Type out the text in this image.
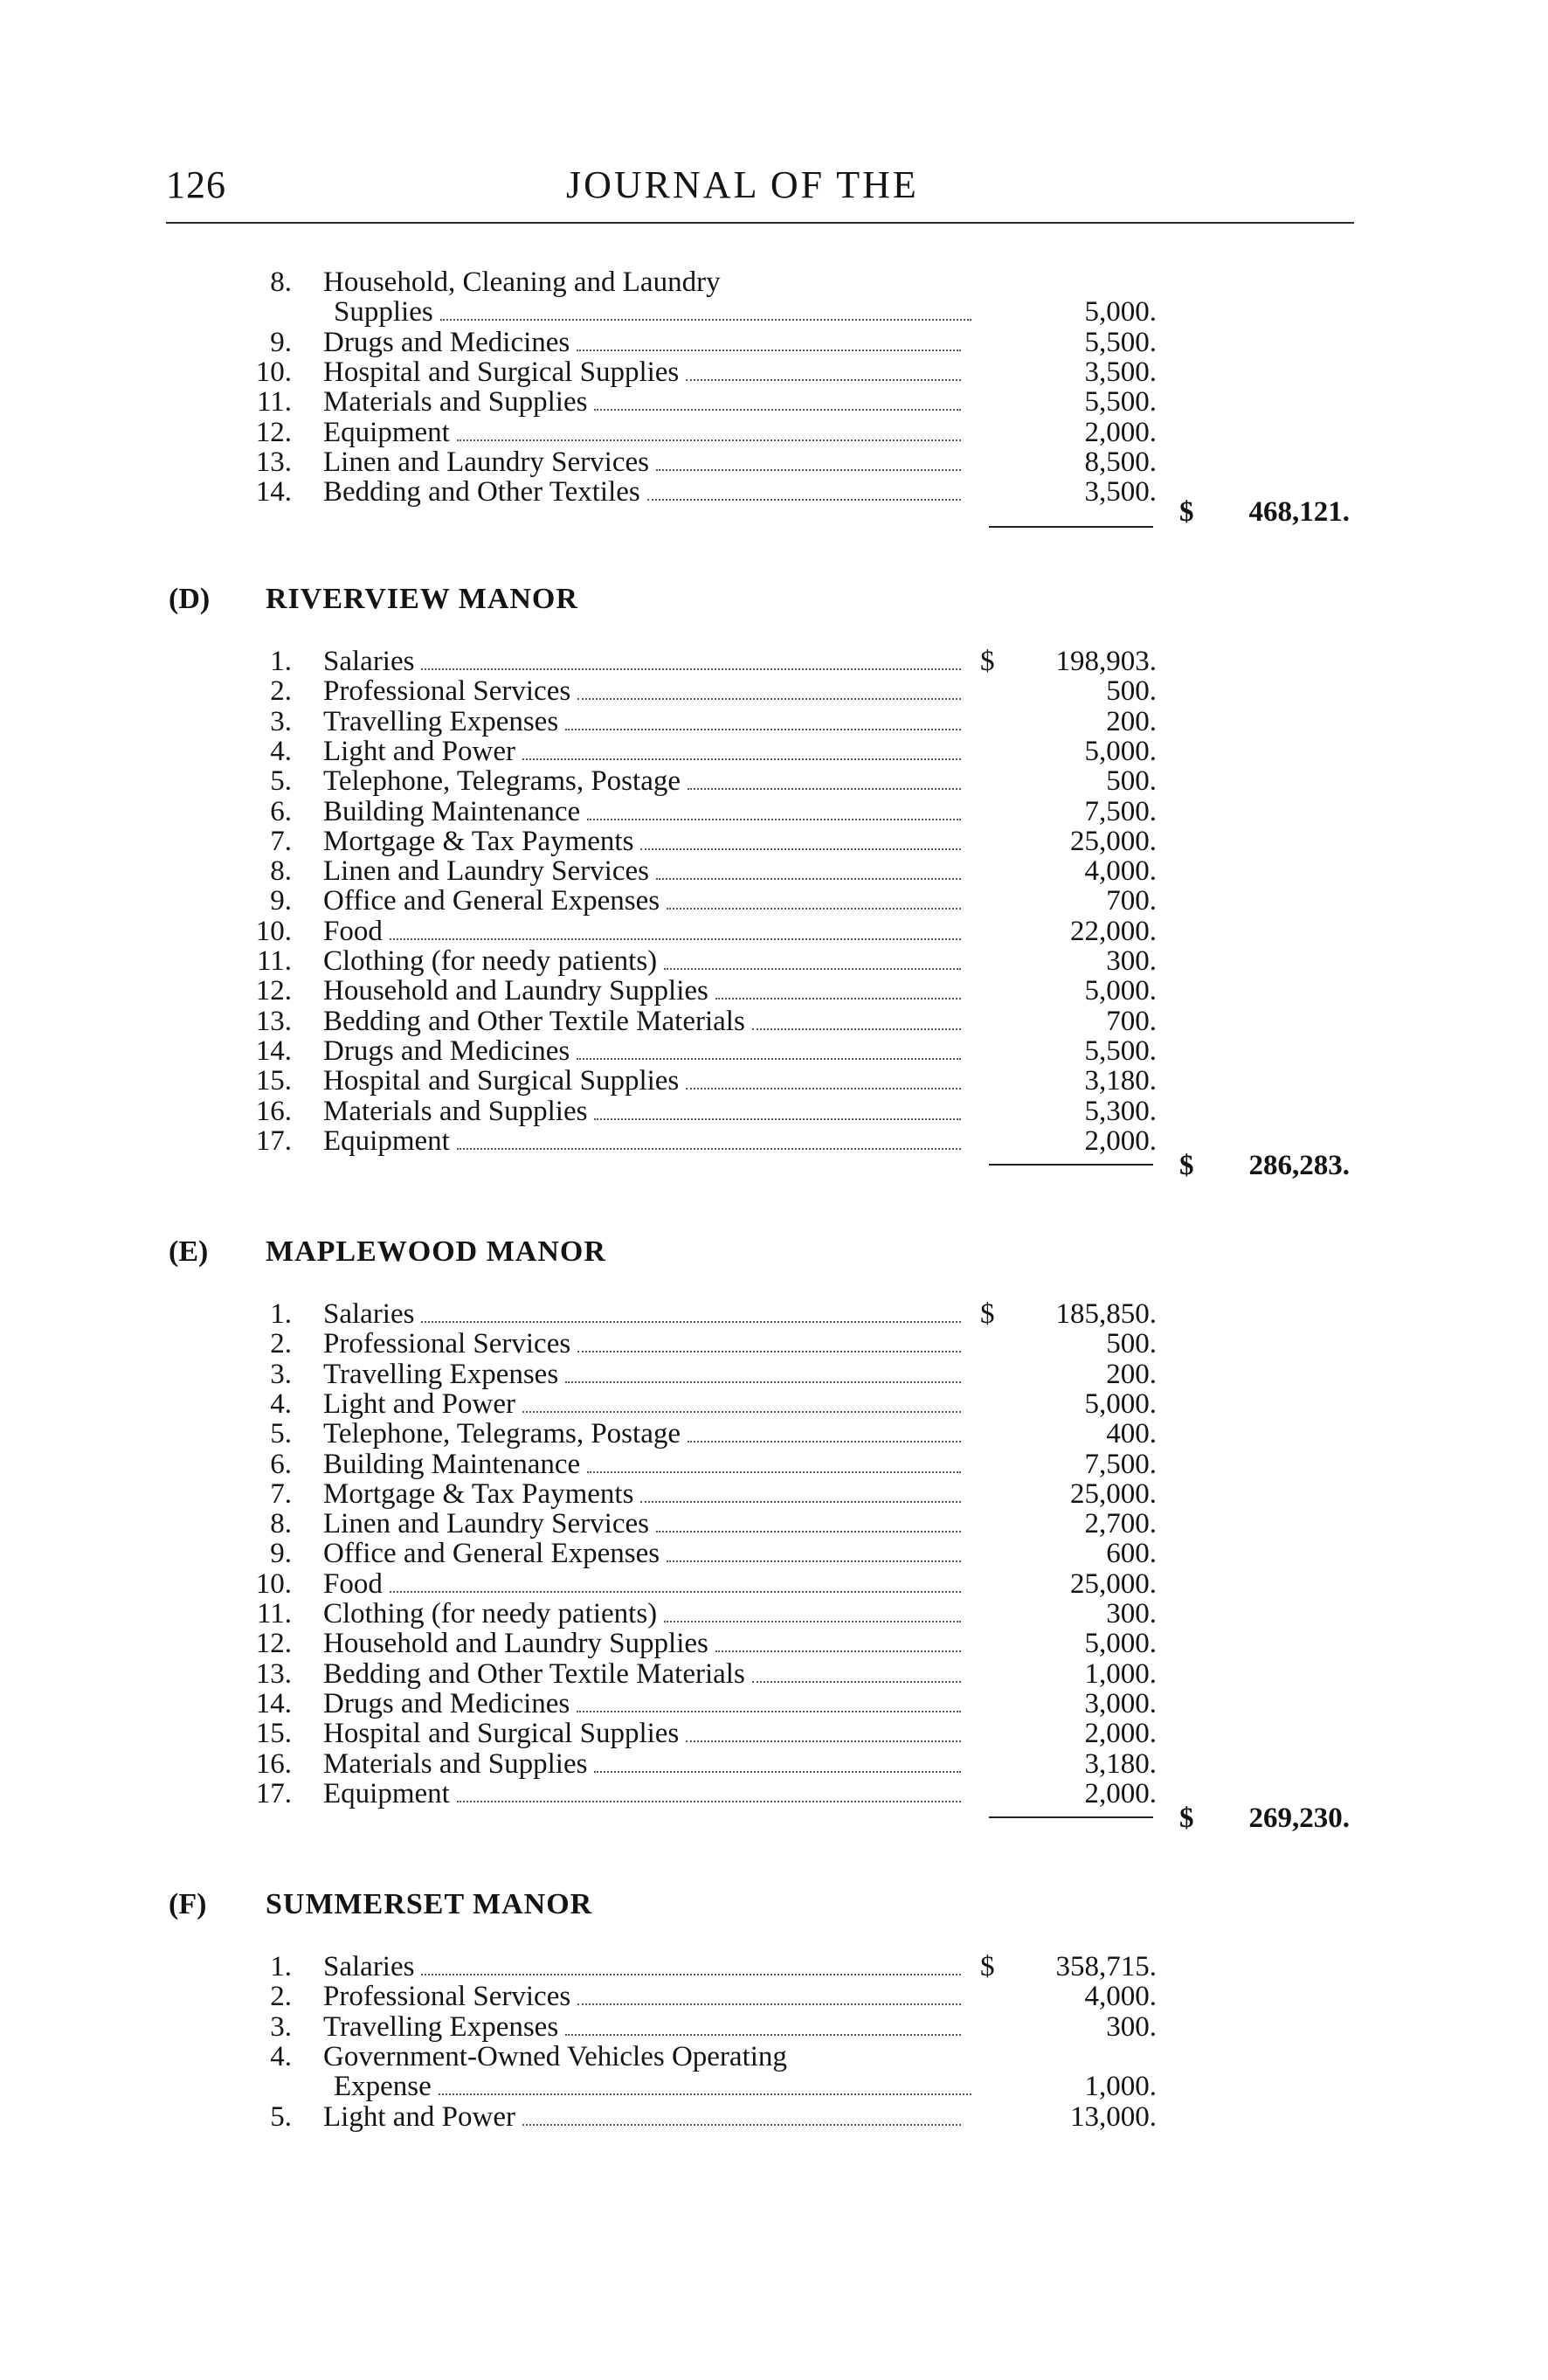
126	JOURNAL OF THE
8. Household, Cleaning and Laundry
Supplies	5,000.
9. Drugs and Medicines	5,500.
10. Hospital and Surgical Supplies	3,500.
11. Materials and Supplies	5,500.
12. Equipment	2,000.
13. Linen and Laundry Services	8,500.
14. Bedding and Other Textiles	3,500.
$	468,121.
(D) RIVERVIEW MANOR
1. Salaries	$	198,903.
2. Professional Services	500.
3. Travelling Expenses	200.
4. Light and Power	5,000.
5. Telephone, Telegrams, Postage	500.
6. Building Maintenance	7,500.
7. Mortgage & Tax Payments	25,000.
8. Linen and Laundry Services	4,000.
9. Office and General Expenses	700.
10. Food	22,000.
11. Clothing (for needy patients)	300.
12. Household and Laundry Supplies	5,000.
13. Bedding and Other Textile Materials	700.
14. Drugs and Medicines	5,500.
15. Hospital and Surgical Supplies	3,180.
16. Materials and Supplies	5,300.
17. Equipment	2,000.
$	286,283.
(E) MAPLEWOOD MANOR
1. Salaries	$	185,850.
2. Professional Services	500.
3. Travelling Expenses	200.
4. Light and Power	5,000.
5. Telephone, Telegrams, Postage	400.
6. Building Maintenance	7,500.
7. Mortgage & Tax Payments	25,000.
8. Linen and Laundry Services	2,700.
9. Office and General Expenses	600.
10. Food	25,000.
11. Clothing (for needy patients)	300.
12. Household and Laundry Supplies	5,000.
13. Bedding and Other Textile Materials	1,000.
14. Drugs and Medicines	3,000.
15. Hospital and Surgical Supplies	2,000.
16. Materials and Supplies	3,180.
17. Equipment	2,000.
$	269,230.
(F) SUMMERSET MANOR
1. Salaries	$	358,715.
2. Professional Services	4,000.
3. Travelling Expenses	300.
4. Government-Owned Vehicles Operating
Expense	1,000.
5. Light and Power	13,000.
